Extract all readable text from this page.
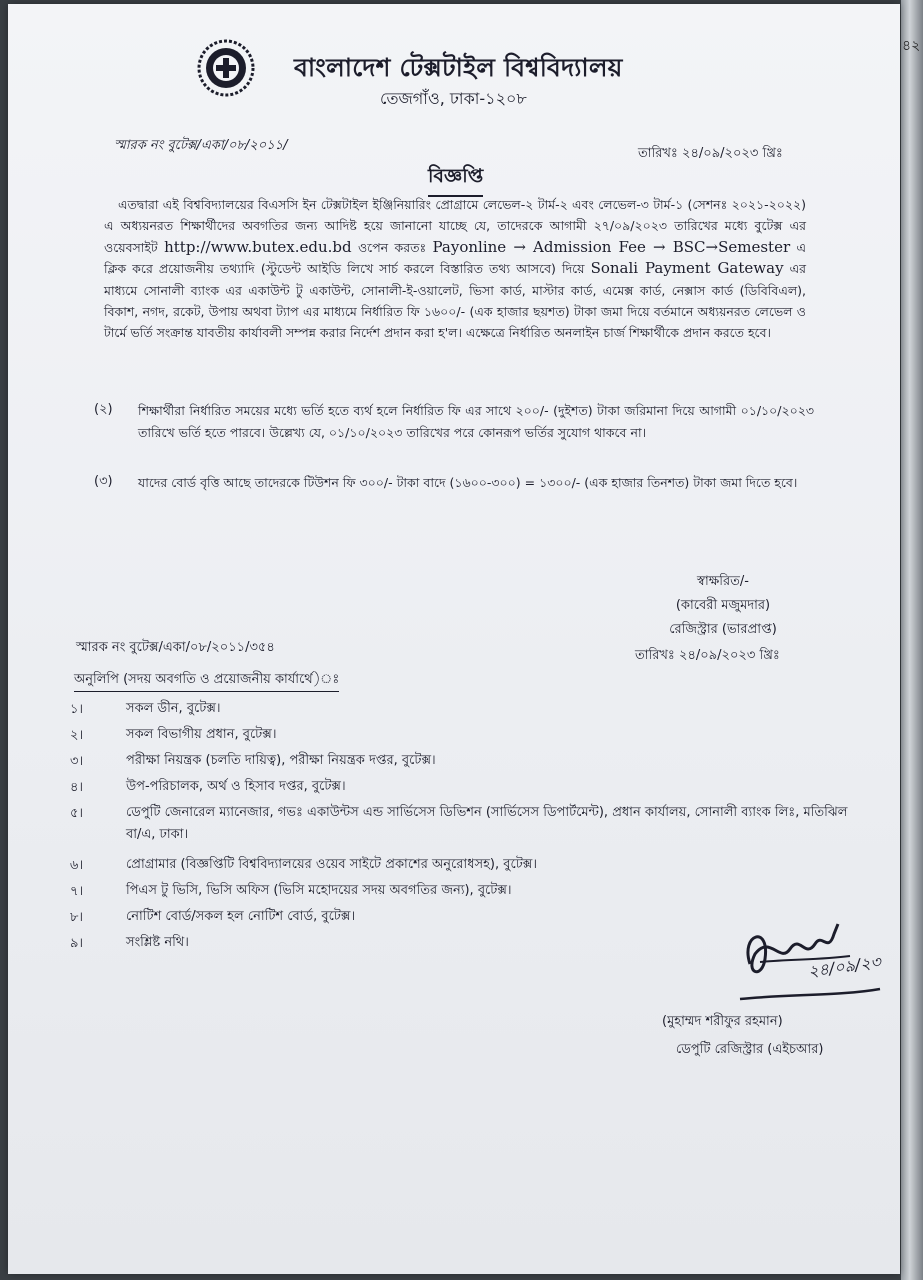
বাংলাদেশ টেক্সটাইল বিশ্ববিদ্যালয়
তেজগাঁও, ঢাকা-১২০৮
স্মারক নং বুটেক্স/একা/০৮/২০১১/
তারিখঃ ২৪/০৯/২০২৩ খ্রিঃ
বিজ্ঞপ্তি
এতদ্বারা এই বিশ্ববিদ্যালয়ের বিএসসি ইন টেক্সটাইল ইঞ্জিনিয়ারিং প্রোগ্রামে লেভেল-২ টার্ম-২ এবং লেভেল-৩ টার্ম-১ (সেশনঃ ২০২১-২০২২) এ অধ্যয়নরত শিক্ষার্থীদের অবগতির জন্য আদিষ্ট হয়ে জানানো যাচ্ছে যে, তাদেরকে আগামী ২৭/০৯/২০২৩ তারিখের মধ্যে বুটেক্স এর ওয়েবসাইট http://www.butex.edu.bd ওপেন করতঃ Payonline → Admission Fee → BSC→Semester এ ক্লিক করে প্রয়োজনীয় তথ্যাদি (স্টুডেন্ট আইডি লিখে সার্চ করলে বিস্তারিত তথ্য আসবে) দিয়ে Sonali Payment Gateway এর মাধ্যমে সোনালী ব্যাংক এর একাউন্ট টু একাউন্ট, সোনালী-ই-ওয়ালেট, ভিসা কার্ড, মাস্টার কার্ড, এমেক্স কার্ড, নেক্সাস কার্ড (ডিবিবিএল), বিকাশ, নগদ, রকেট, উপায় অথবা ট্যাপ এর মাধ্যমে নির্ধারিত ফি ১৬০০/- (এক হাজার ছয়শত) টাকা জমা দিয়ে বর্তমানে অধ্যয়নরত লেভেল ও টার্মে ভর্তি সংক্রান্ত যাবতীয় কার্যাবলী সম্পন্ন করার নির্দেশ প্রদান করা হ'ল। এক্ষেত্রে নির্ধারিত অনলাইন চার্জ শিক্ষার্থীকে প্রদান করতে হবে।
(২) শিক্ষার্থীরা নির্ধারিত সময়ের মধ্যে ভর্তি হতে ব্যর্থ হলে নির্ধারিত ফি এর সাথে ২০০/- (দুইশত) টাকা জরিমানা দিয়ে আগামী ০১/১০/২০২৩ তারিখে ভর্তি হতে পারবে। উল্লেখ্য যে, ০১/১০/২০২৩ তারিখের পরে কোনরূপ ভর্তির সুযোগ থাকবে না।
(৩) যাদের বোর্ড বৃত্তি আছে তাদেরকে টিউশন ফি ৩০০/- টাকা বাদে (১৬০০-৩০০) = ১৩০০/- (এক হাজার তিনশত) টাকা জমা দিতে হবে।
স্বাক্ষরিত/-
(কাবেরী মজুমদার)
রেজিস্ট্রার (ভারপ্রাপ্ত)
স্মারক নং বুটেক্স/একা/০৮/২০১১/৩৫৪
তারিখঃ ২৪/০৯/২০২৩ খ্রিঃ
অনুলিপি (সদয় অবগতি ও প্রয়োজনীয় কার্যার্থে)ঃ
১।	সকল ডীন, বুটেক্স।
২।	সকল বিভাগীয় প্রধান, বুটেক্স।
৩।	পরীক্ষা নিয়ন্ত্রক (চলতি দায়িত্ব), পরীক্ষা নিয়ন্ত্রক দপ্তর, বুটেক্স।
৪।	উপ-পরিচালক, অর্থ ও হিসাব দপ্তর, বুটেক্স।
৫।	ডেপুটি জেনারেল ম্যানেজার, গভঃ একাউন্টস এন্ড সার্ভিসেস ডিভিশন (সার্ভিসেস ডিপার্টমেন্ট), প্রধান কার্যালয়, সোনালী ব্যাংক লিঃ, মতিঝিল বা/এ, ঢাকা।
৬।	প্রোগ্রামার (বিজ্ঞপ্তিটি বিশ্ববিদ্যালয়ের ওয়েব সাইটে প্রকাশের অনুরোধসহ), বুটেক্স।
৭।	পিএস টু ভিসি, ভিসি অফিস (ভিসি মহোদয়ের সদয় অবগতির জন্য), বুটেক্স।
৮।	নোটিশ বোর্ড/সকল হল নোটিশ বোর্ড, বুটেক্স।
৯।	সংশ্লিষ্ট নথি।
২৪/০৯/২৩
(মুহাম্মদ শরীফুর রহমান)
ডেপুটি রেজিস্ট্রার (এইচআর)
৪২
